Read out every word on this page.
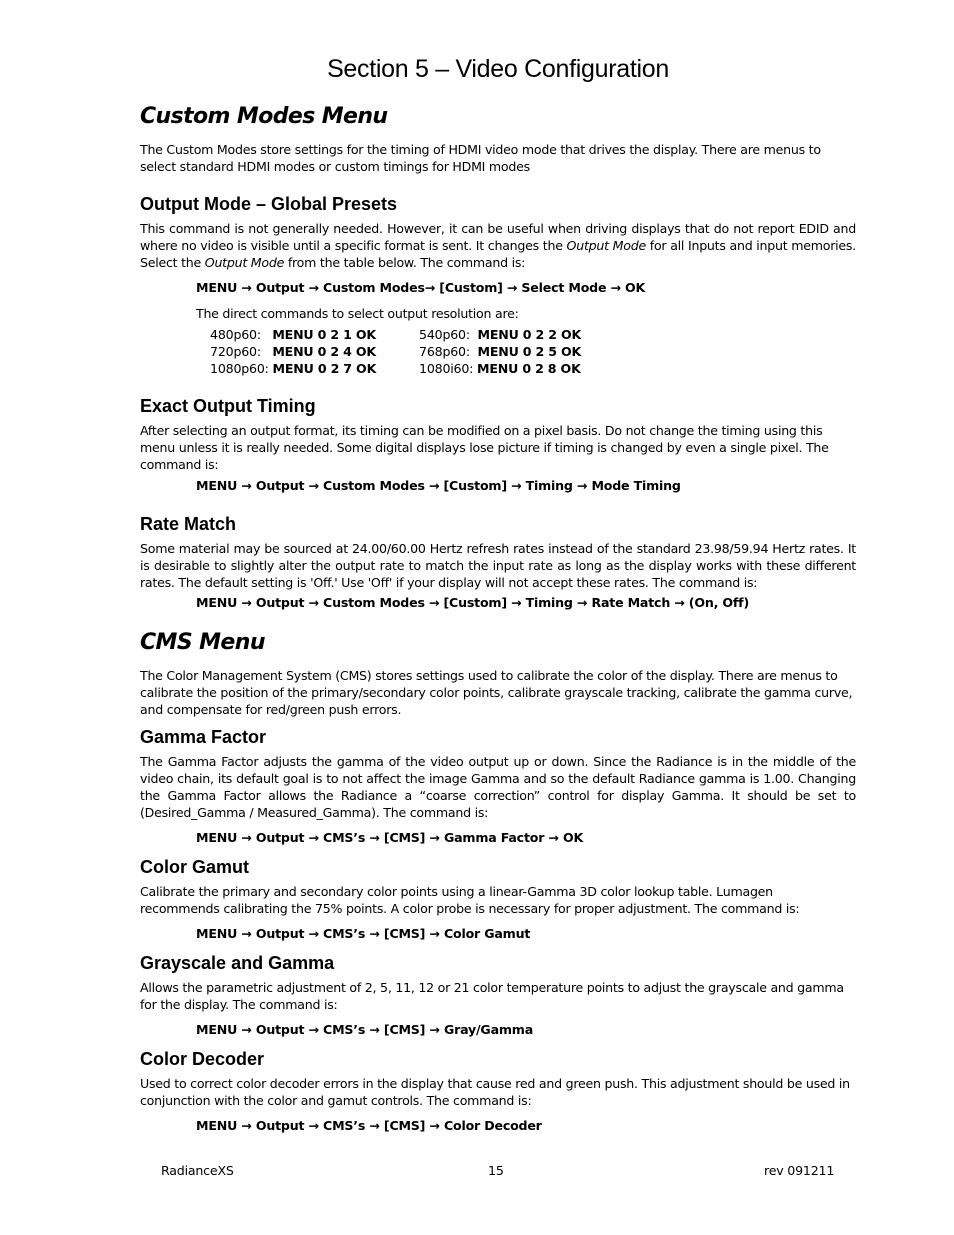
Section 5 – Video Configuration
Custom Modes Menu
The Custom Modes store settings for the timing of HDMI video mode that drives the display. There are menus to select standard HDMI modes or custom timings for HDMI modes
Output Mode – Global Presets
This command is not generally needed. However, it can be useful when driving displays that do not report EDID and where no video is visible until a specific format is sent. It changes the Output Mode for all Inputs and input memories. Select the Output Mode from the table below. The command is:
MENU → Output → Custom Modes→ [Custom] → Select Mode → OK
The direct commands to select output resolution are:
480p60: MENU 0 2 1 OK	540p60: MENU 0 2 2 OK
720p60: MENU 0 2 4 OK	768p60: MENU 0 2 5 OK
1080p60: MENU 0 2 7 OK	1080i60: MENU 0 2 8 OK
Exact Output Timing
After selecting an output format, its timing can be modified on a pixel basis. Do not change the timing using this menu unless it is really needed. Some digital displays lose picture if timing is changed by even a single pixel. The command is:
MENU → Output → Custom Modes → [Custom] → Timing → Mode Timing
Rate Match
Some material may be sourced at 24.00/60.00 Hertz refresh rates instead of the standard 23.98/59.94 Hertz rates. It is desirable to slightly alter the output rate to match the input rate as long as the display works with these different rates. The default setting is 'Off.' Use 'Off' if your display will not accept these rates. The command is:
MENU → Output → Custom Modes → [Custom] → Timing → Rate Match → (On, Off)
CMS Menu
The Color Management System (CMS) stores settings used to calibrate the color of the display. There are menus to calibrate the position of the primary/secondary color points, calibrate grayscale tracking, calibrate the gamma curve, and compensate for red/green push errors.
Gamma Factor
The Gamma Factor adjusts the gamma of the video output up or down. Since the Radiance is in the middle of the video chain, its default goal is to not affect the image Gamma and so the default Radiance gamma is 1.00. Changing the Gamma Factor allows the Radiance a “coarse correction” control for display Gamma. It should be set to (Desired_Gamma / Measured_Gamma). The command is:
MENU → Output → CMS’s → [CMS] → Gamma Factor → OK
Color Gamut
Calibrate the primary and secondary color points using a linear-Gamma 3D color lookup table. Lumagen recommends calibrating the 75% points. A color probe is necessary for proper adjustment. The command is:
MENU → Output → CMS’s → [CMS] → Color Gamut
Grayscale and Gamma
Allows the parametric adjustment of 2, 5, 11, 12 or 21 color temperature points to adjust the grayscale and gamma for the display. The command is:
MENU → Output → CMS’s → [CMS] → Gray/Gamma
Color Decoder
Used to correct color decoder errors in the display that cause red and green push. This adjustment should be used in conjunction with the color and gamut controls. The command is:
MENU → Output → CMS’s → [CMS] → Color Decoder
RadianceXS	15	rev 091211
